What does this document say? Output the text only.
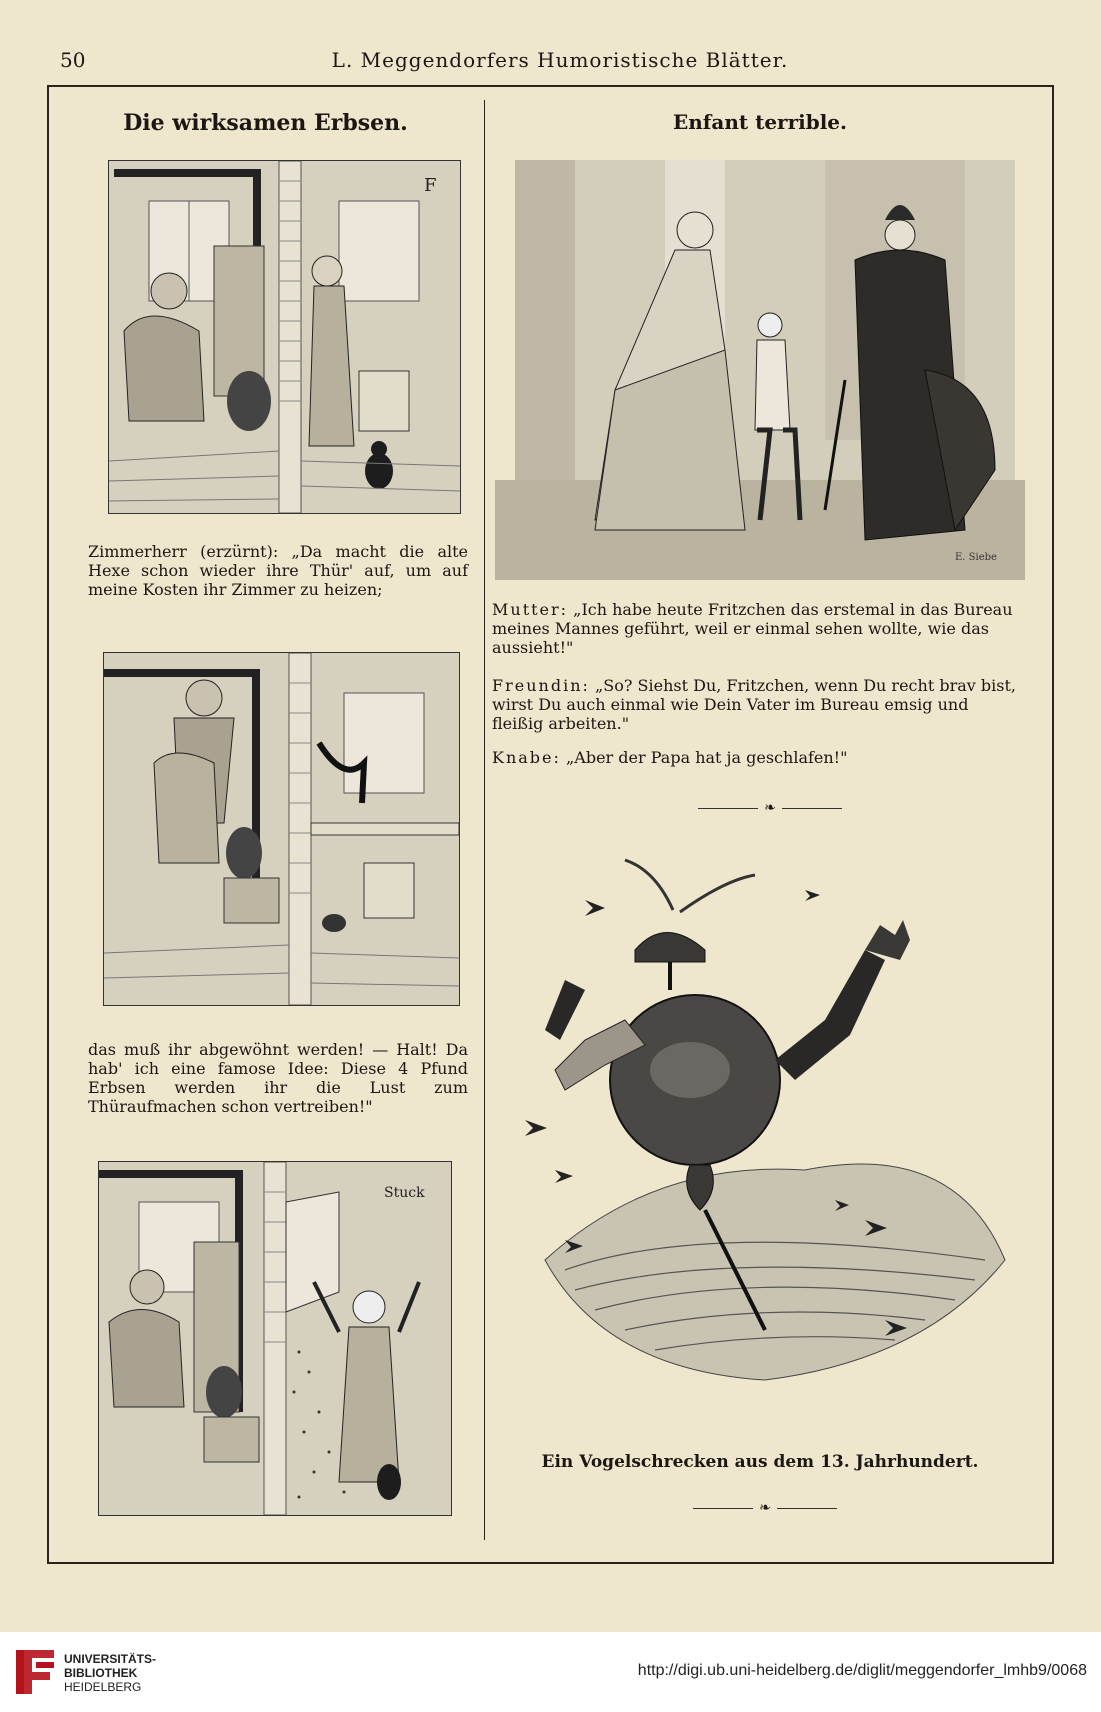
50	L. Meggendorfers Humoristische Blätter.
Die wirksamen Erbsen.
F
Zimmerherr (erzürnt): „Da macht die alte Hexe schon wieder ihre Thür' auf, um auf meine Kosten ihr Zimmer zu heizen;
das muß ihr abgewöhnt werden! — Halt! Da hab' ich eine famose Idee: Diese 4 Pfund Erbsen werden ihr die Lust zum Thüraufmachen schon vertreiben!"
Stuck
Enfant terrible.
E. Siebe
Mutter: „Ich habe heute Fritzchen das erstemal in das Bureau meines Mannes geführt, weil er einmal sehen wollte, wie das aussieht!"
Freundin: „So? Siehst Du, Fritzchen, wenn Du recht brav bist, wirst Du auch einmal wie Dein Vater im Bureau emsig und fleißig arbeiten."
Knabe: „Aber der Papa hat ja geschlafen!"
❧
Ein Vogelschrecken aus dem 13. Jahrhundert.
❧
UNIVERSITÄTS-
BIBLIOTHEK
HEIDELBERG
http://digi.ub.uni-heidelberg.de/diglit/meggendorfer_lmhb9/0068
